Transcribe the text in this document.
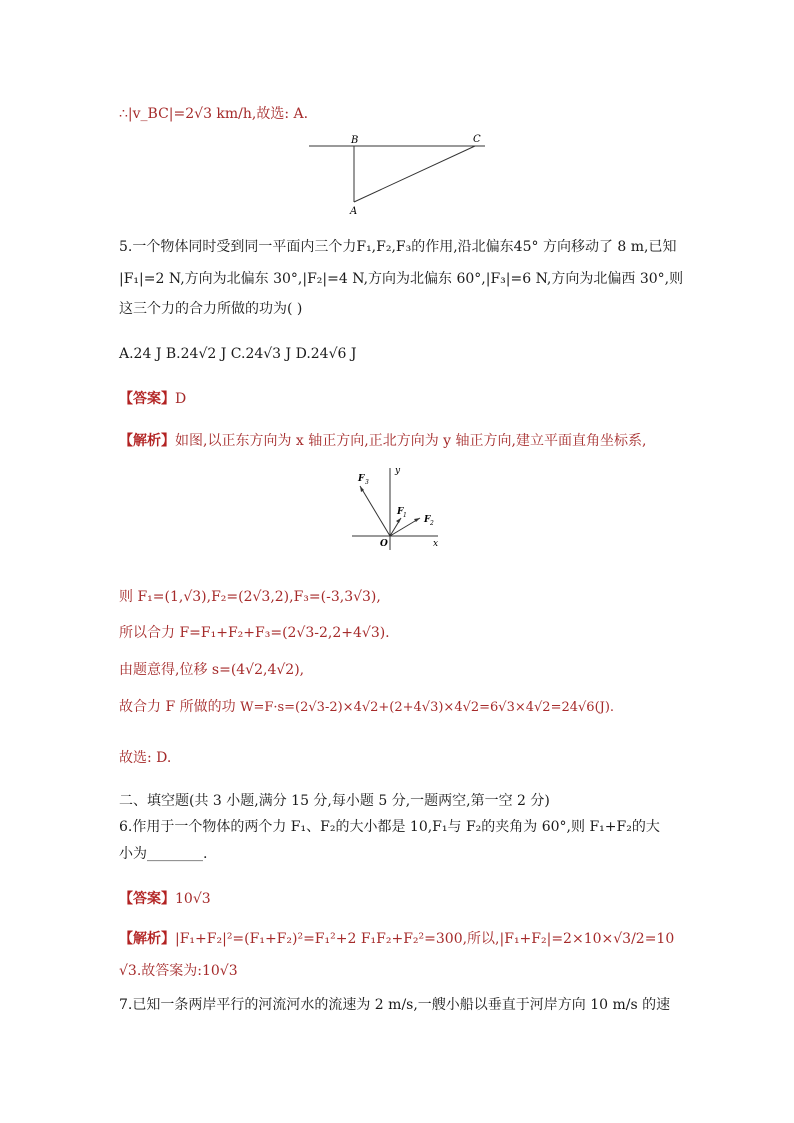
∴|v_BC|=2√3 km/h,故选: A.
B	C
A
5.一个物体同时受到同一平面内三个力F₁,F₂,F₃的作用,沿北偏东45° 方向移动了 8 m,已知
|F₁|=2 N,方向为北偏东 30°,|F₂|=4 N,方向为北偏东 60°,|F₃|=6 N,方向为北偏西 30°,则
这三个力的合力所做的功为( )
A.24 J B.24√2 J C.24√3 J D.24√6 J
【答案】D
【解析】如图,以正东方向为 x 轴正方向,正北方向为 y 轴正方向,建立平面直角坐标系,
F 3
F 1 F 2
y
x
O
则 F₁=(1,√3),F₂=(2√3,2),F₃=(-3,3√3),
所以合力 F=F₁+F₂+F₃=(2√3-2,2+4√3).
由题意得,位移 s=(4√2,4√2),
故合力 F 所做的功 W=F·s=(2√3-2)×4√2+(2+4√3)×4√2=6√3×4√2=24√6(J).
故选: D.
二、填空题(共 3 小题,满分 15 分,每小题 5 分,一题两空,第一空 2 分)
6.作用于一个物体的两个力 F₁、F₂的大小都是 10,F₁与 F₂的夹角为 60°,则 F₁+F₂的大
小为________.
【答案】10√3
【解析】|F₁+F₂|²=(F₁+F₂)²=F₁²+2 F₁F₂+F₂²=300,所以,|F₁+F₂|=2×10×√3/2=10
√3.故答案为:10√3
7.已知一条两岸平行的河流河水的流速为 2 m/s,一艘小船以垂直于河岸方向 10 m/s 的速
